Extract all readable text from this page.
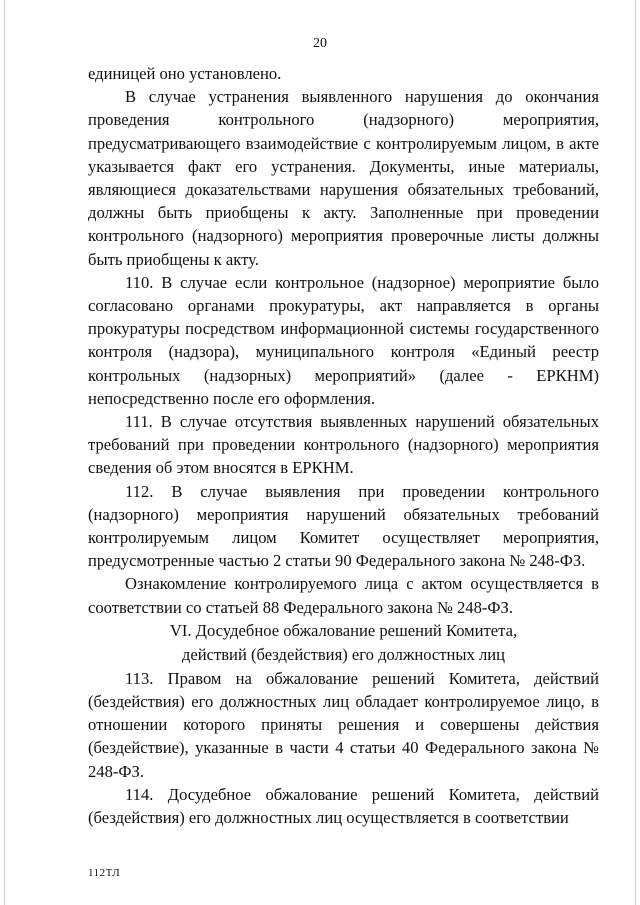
20

единицей оно установлено.

В случае устранения выявленного нарушения до окончания проведения контрольного (надзорного) мероприятия, предусматривающего взаимодействие с контролируемым лицом, в акте указывается факт его устранения. Документы, иные материалы, являющиеся доказательствами нарушения обязательных требований, должны быть приобщены к акту. Заполненные при проведении контрольного (надзорного) мероприятия проверочные листы должны быть приобщены к акту.

110. В случае если контрольное (надзорное) мероприятие было согласовано органами прокуратуры, акт направляется в органы прокуратуры посредством информационной системы государственного контроля (надзора), муниципального контроля «Единый реестр контрольных (надзорных) мероприятий» (далее - ЕРКНМ) непосредственно после его оформления.

111. В случае отсутствия выявленных нарушений обязательных требований при проведении контрольного (надзорного) мероприятия сведения об этом вносятся в ЕРКНМ.

112. В случае выявления при проведении контрольного (надзорного) мероприятия нарушений обязательных требований контролируемым лицом Комитет осуществляет мероприятия, предусмотренные частью 2 статьи 90 Федерального закона № 248-ФЗ.

Ознакомление контролируемого лица с актом осуществляется в соответствии со статьей 88 Федерального закона № 248-ФЗ.

VI. Досудебное обжалование решений Комитета,
действий (бездействия) его должностных лиц

113. Правом на обжалование решений Комитета, действий (бездействия) его должностных лиц обладает контролируемое лицо, в отношении которого приняты решения и совершены действия (бездействие), указанные в части 4 статьи 40 Федерального закона № 248-ФЗ.

114. Досудебное обжалование решений Комитета, действий (бездействия) его должностных лиц осуществляется в соответствии

112ТЛ
